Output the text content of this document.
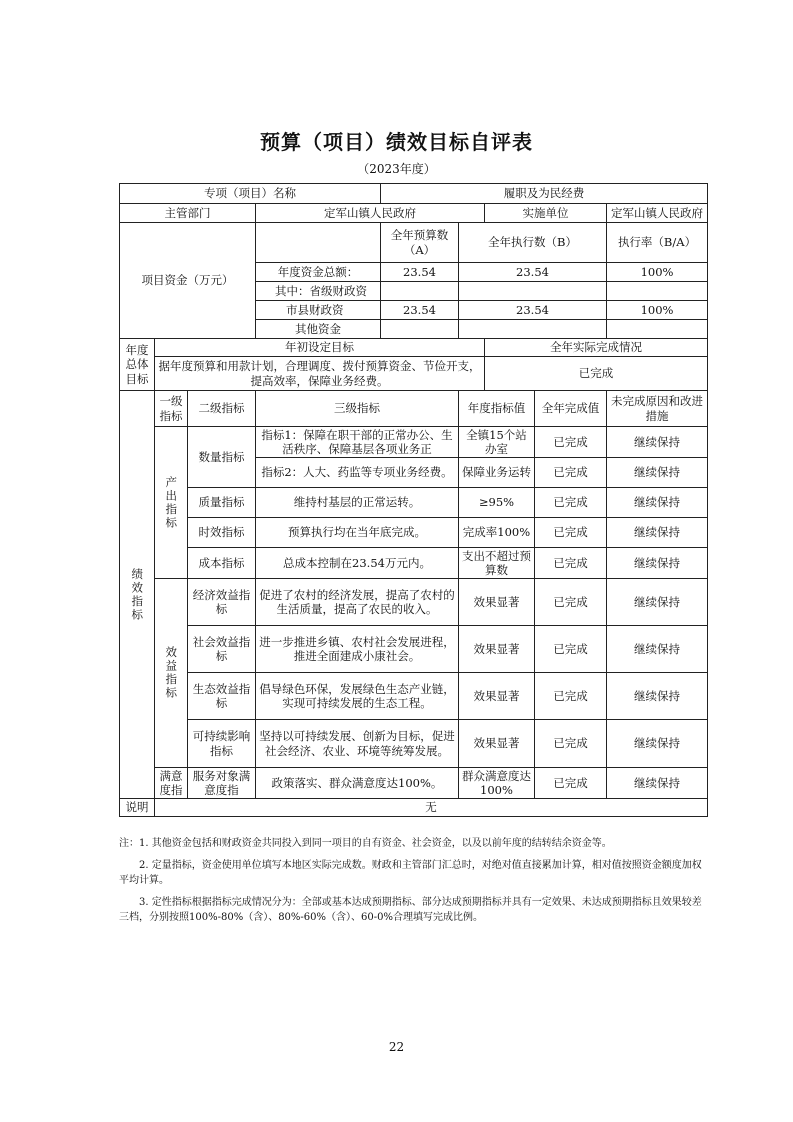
预算（项目）绩效目标自评表
（2023年度）
专项（项目）名称				履职及为民经费				
主管部门			定军山镇人民政府			实施单位		定军山镇人民政府
项目资金（万元）				全年预算数（A）	全年执行数（B）			执行率（B/A）
			年度资金总额：	23.54	23.54			100%
			其中：省级财政资					
			市县财政资	23.54	23.54			100%
			其他资金					
年度总体目标	年初设定目标					全年实际完成情况		
	据年度预算和用款计划，合理调度、拨付预算资金、节俭开支，提高效率，保障业务经费。					已完成		
绩效指标	一级指标	二级指标	三级指标		年度指标值		全年完成值	未完成原因和改进措施
	产出指标	数量指标	指标1：保障在职干部的正常办公、生活秩序、保障基层各项业务正		全镇15个站办室		已完成	继续保持
			指标2：人大、药监等专项业务经费。		保障业务运转		已完成	继续保持
		质量指标	维持村基层的正常运转。		≥95%		已完成	继续保持
		时效指标	预算执行均在当年底完成。		完成率100%		已完成	继续保持
		成本指标	总成本控制在23.54万元内。		支出不超过预算数		已完成	继续保持
	效益指标	经济效益指标	促进了农村的经济发展，提高了农村的生活质量，提高了农民的收入。		效果显著		已完成	继续保持
		社会效益指标	进一步推进乡镇、农村社会发展进程，推进全面建成小康社会。		效果显著		已完成	继续保持
		生态效益指标	倡导绿色环保，发展绿色生态产业链，实现可持续发展的生态工程。		效果显著		已完成	继续保持
		可持续影响指标	坚持以可持续发展、创新为目标，促进社会经济、农业、环境等统筹发展。		效果显著		已完成	继续保持
	满意度指	服务对象满意度指	政策落实、群众满意度达100%。		群众满意度达100%		已完成	继续保持
说明	无							

注：1. 其他资金包括和财政资金共同投入到同一项目的自有资金、社会资金，以及以前年度的结转结余资金等。

2. 定量指标，资金使用单位填写本地区实际完成数。财政和主管部门汇总时，对绝对值直接累加计算，相对值按照资金额度加权平均计算。

3. 定性指标根据指标完成情况分为：全部或基本达成预期指标、部分达成预期指标并具有一定效果、未达成预期指标且效果较差三档，分别按照100%-80%（含）、80%-60%（含）、60-0%合理填写完成比例。

22
